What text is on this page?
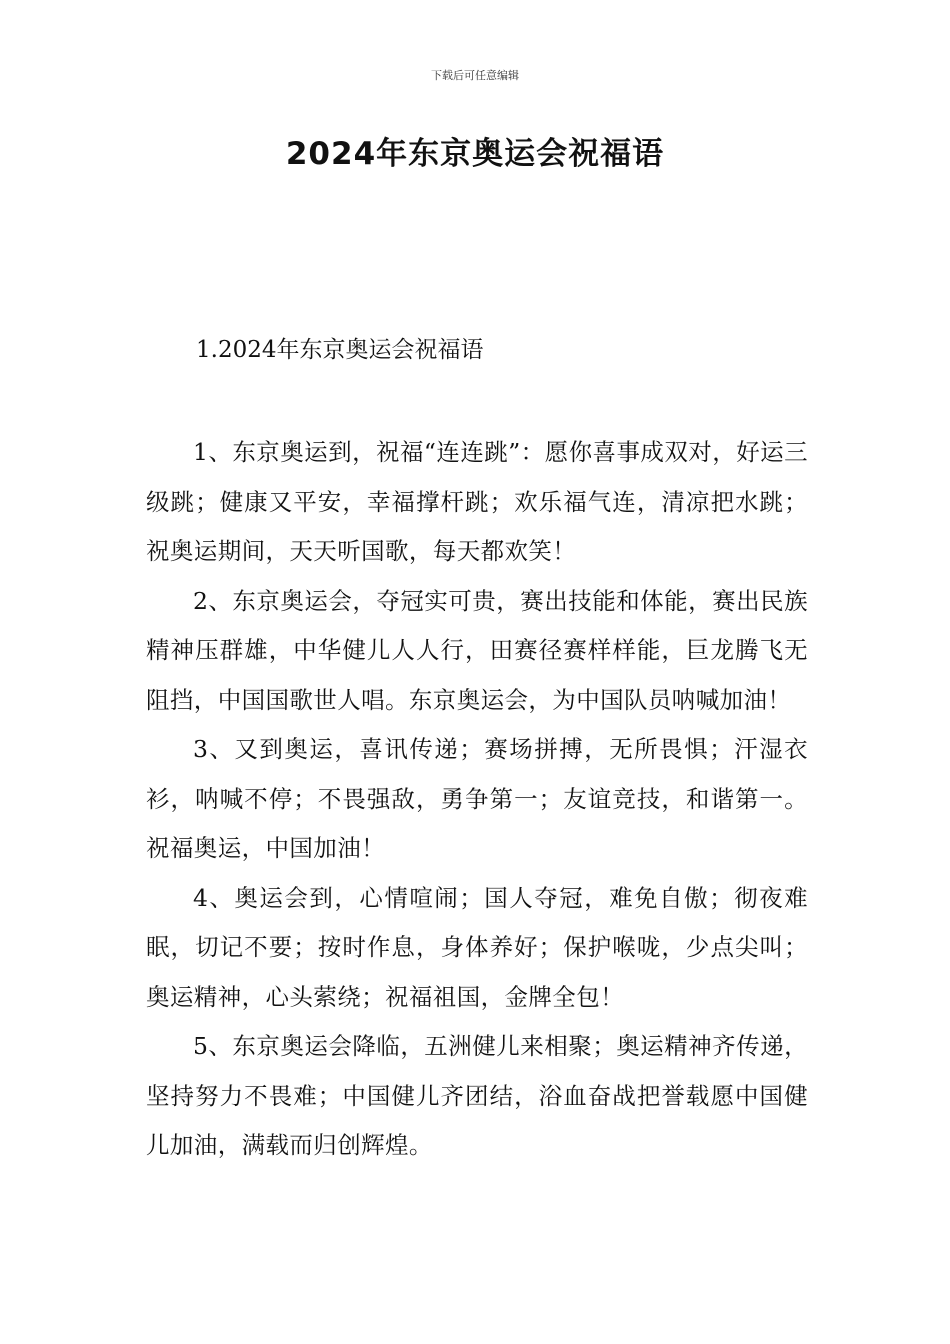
下载后可任意编辑
2024年东京奥运会祝福语
1.2024年东京奥运会祝福语

1、东京奥运到，祝福“连连跳”：愿你喜事成双对，好运三级跳；健康又平安，幸福撑杆跳；欢乐福气连，清凉把水跳；祝奥运期间，天天听国歌，每天都欢笑！

2、东京奥运会，夺冠实可贵，赛出技能和体能，赛出民族精神压群雄，中华健儿人人行，田赛径赛样样能，巨龙腾飞无阻挡，中国国歌世人唱。东京奥运会，为中国队员呐喊加油！

3、又到奥运，喜讯传递；赛场拼搏，无所畏惧；汗湿衣衫，呐喊不停；不畏强敌，勇争第一；友谊竞技，和谐第一。祝福奥运，中国加油！

4、奥运会到，心情喧闹；国人夺冠，难免自傲；彻夜难眠，切记不要；按时作息，身体养好；保护喉咙，少点尖叫；奥运精神，心头萦绕；祝福祖国，金牌全包！

5、东京奥运会降临，五洲健儿来相聚；奥运精神齐传递，坚持努力不畏难；中国健儿齐团结，浴血奋战把誉载愿中国健儿加油，满载而归创辉煌。
